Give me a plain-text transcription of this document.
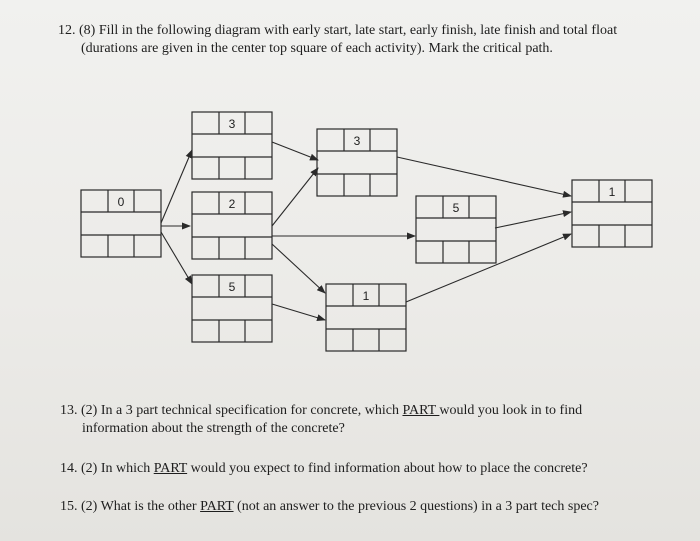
12. (8) Fill in the following diagram with early start, late start, early finish, late finish and total float
(durations are given in the center top square of each activity). Mark the critical path.
0
3
2
5
3
1
5
1
13. (2) In a 3 part technical specification for concrete, which PART would you look in to find
information about the strength of the concrete?
14. (2) In which PART would you expect to find information about how to place the concrete?
15. (2) What is the other PART (not an answer to the previous 2 questions) in a 3 part tech spec?
